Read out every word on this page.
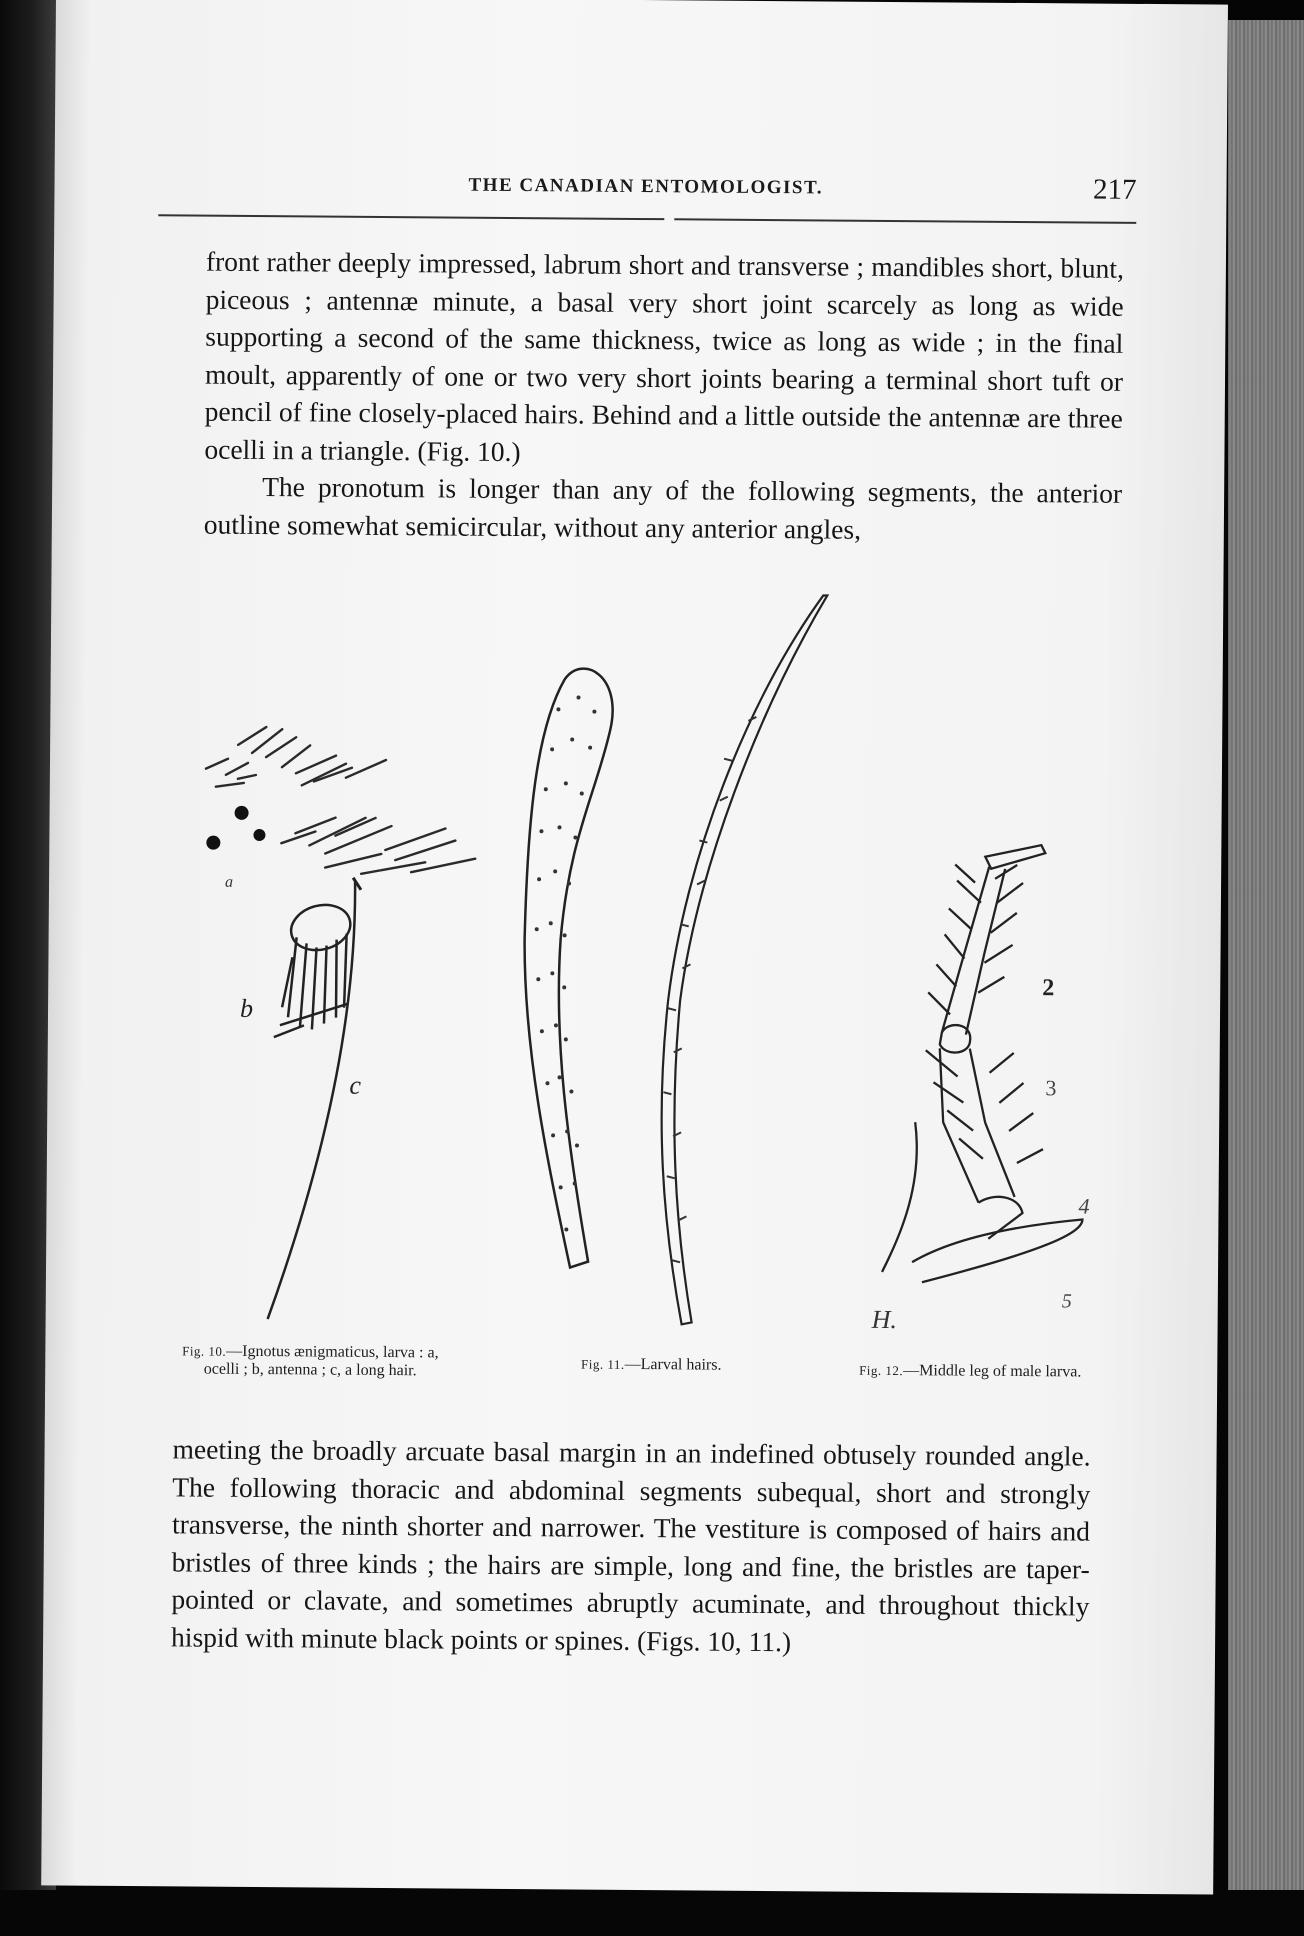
THE CANADIAN ENTOMOLOGIST.	217

front rather deeply impressed, labrum short and transverse ; mandibles short, blunt, piceous ; antennæ minute, a basal very short joint scarcely as long as wide supporting a second of the same thickness, twice as long as wide ; in the final moult, apparently of one or two very short joints bearing a terminal short tuft or pencil of fine closely-placed hairs. Behind and a little outside the antennæ are three ocelli in a triangle. (Fig. 10.)

The pronotum is longer than any of the following segments, the anterior outline somewhat semicircular, without any anterior angles,

a
b
c
2
3
4
5
H.
Fig. 10.—Ignotus ænigmaticus, larva : a, ocelli ; b, antenna ; c, a long hair.	Fig. 11.—Larval hairs.	Fig. 12.—Middle leg of male larva.

meeting the broadly arcuate basal margin in an indefined obtusely rounded angle. The following thoracic and abdominal segments subequal, short and strongly transverse, the ninth shorter and narrower. The vestiture is composed of hairs and bristles of three kinds ; the hairs are simple, long and fine, the bristles are taper-pointed or clavate, and sometimes abruptly acuminate, and throughout thickly hispid with minute black points or spines. (Figs. 10, 11.)
